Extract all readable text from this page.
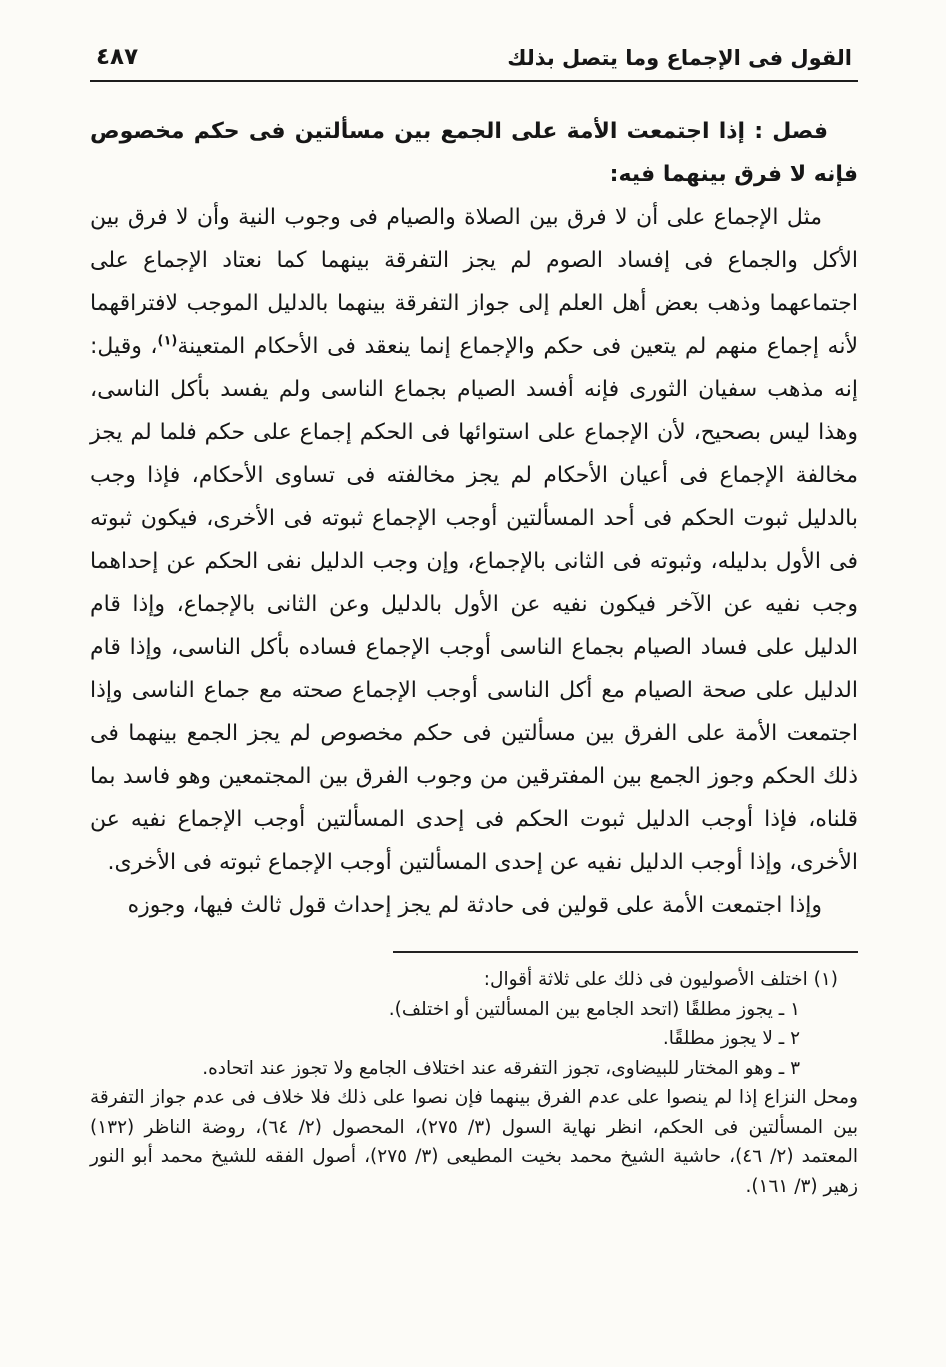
القول فى الإجماع وما يتصل بذلك
٤٨٧

فصل : إذا اجتمعت الأمة على الجمع بين مسألتين فى حكم مخصوص فإنه لا فرق بينهما فيه:

مثل الإجماع على أن لا فرق بين الصلاة والصيام فى وجوب النية وأن لا فرق بين الأكل والجماع فى إفساد الصوم لم يجز التفرقة بينهما كما نعتاد الإجماع على اجتماعهما وذهب بعض أهل العلم إلى جواز التفرقة بينهما بالدليل الموجب لافتراقهما لأنه إجماع منهم لم يتعين فى حكم والإجماع إنما ينعقد فى الأحكام المتعينة$^{(١)}$، وقيل: إنه مذهب سفيان الثورى فإنه أفسد الصيام بجماع الناسى ولم يفسد بأكل الناسى، وهذا ليس بصحيح، لأن الإجماع على استوائها فى الحكم إجماع على حكم فلما لم يجز مخالفة الإجماع فى أعيان الأحكام لم يجز مخالفته فى تساوى الأحكام، فإذا وجب بالدليل ثبوت الحكم فى أحد المسألتين أوجب الإجماع ثبوته فى الأخرى، فيكون ثبوته فى الأول بدليله، وثبوته فى الثانى بالإجماع، وإن وجب الدليل نفى الحكم عن إحداهما وجب نفيه عن الآخر فيكون نفيه عن الأول بالدليل وعن الثانى بالإجماع، وإذا قام الدليل على فساد الصيام بجماع الناسى أوجب الإجماع فساده بأكل الناسى، وإذا قام الدليل على صحة الصيام مع أكل الناسى أوجب الإجماع صحته مع جماع الناسى وإذا اجتمعت الأمة على الفرق بين مسألتين فى حكم مخصوص لم يجز الجمع بينهما فى ذلك الحكم وجوز الجمع بين المفترقين من وجوب الفرق بين المجتمعين وهو فاسد بما قلناه، فإذا أوجب الدليل ثبوت الحكم فى إحدى المسألتين أوجب الإجماع نفيه عن الأخرى، وإذا أوجب الدليل نفيه عن إحدى المسألتين أوجب الإجماع ثبوته فى الأخرى.

وإذا اجتمعت الأمة على قولين فى حادثة لم يجز إحداث قول ثالث فيها، وجوزه

(١) اختلف الأصوليون فى ذلك على ثلاثة أقوال:

١ ـ يجوز مطلقًا (اتحد الجامع بين المسألتين أو اختلف).

٢ ـ لا يجوز مطلقًا.

٣ ـ وهو المختار للبيضاوى، تجوز التفرقه عند اختلاف الجامع ولا تجوز عند اتحاده.

ومحل النزاع إذا لم ينصوا على عدم الفرق بينهما فإن نصوا على ذلك فلا خلاف فى عدم جواز التفرقة بين المسألتين فى الحكم، انظر نهاية السول (٣/ ٢٧٥)، المحصول (٢/ ٦٤)، روضة الناظر (١٣٢) المعتمد (٢/ ٤٦)، حاشية الشيخ محمد بخيت المطيعى (٣/ ٢٧٥)، أصول الفقه للشيخ محمد أبو النور زهير (٣/ ١٦١).
